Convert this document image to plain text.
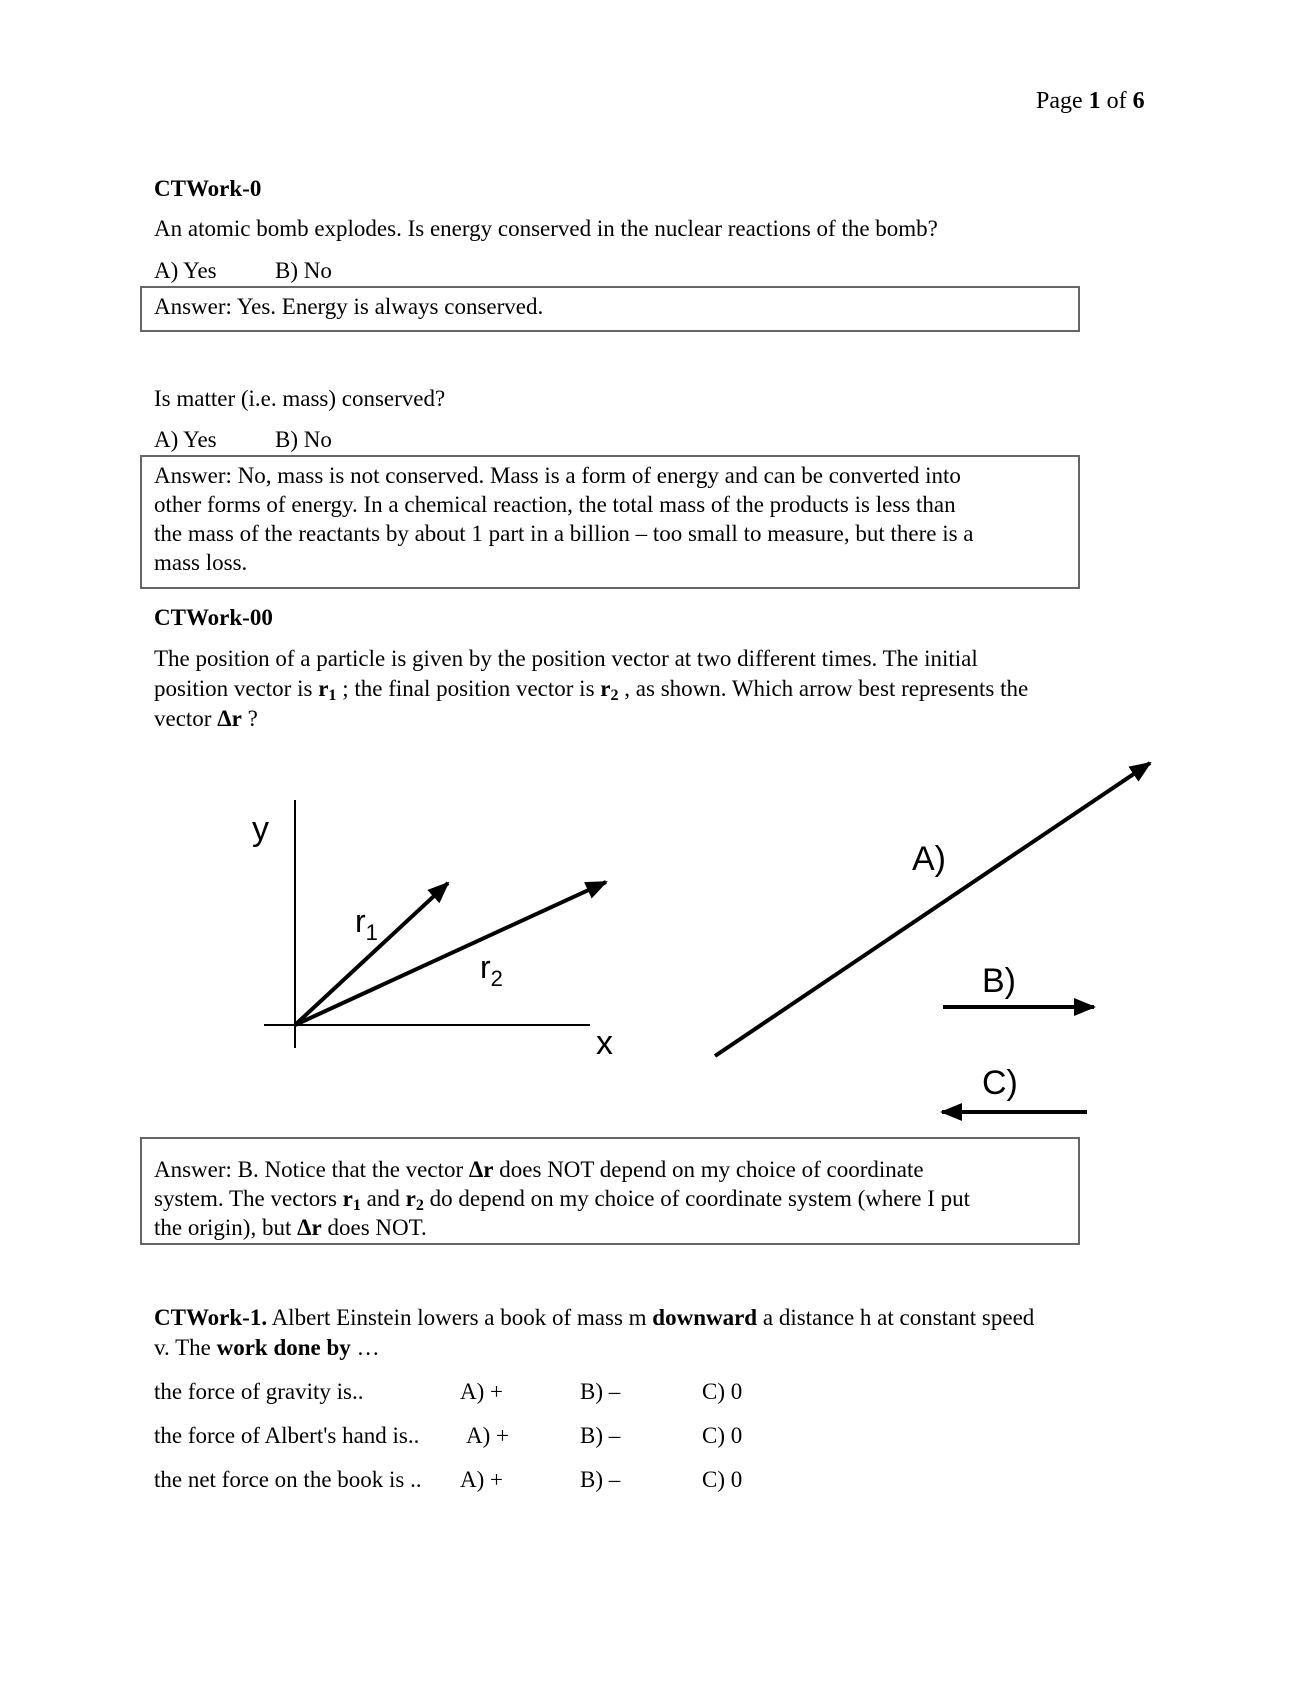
Page 1 of 6
CTWork-0
An atomic bomb explodes. Is energy conserved in the nuclear reactions of the bomb?
A) Yes	B) No

Answer: Yes. Energy is always conserved.

Is matter (i.e. mass) conserved?
A) Yes	B) No

Answer: No, mass is not conserved. Mass is a form of energy and can be converted into

other forms of energy. In a chemical reaction, the total mass of the products is less than

the mass of the reactants by about 1 part in a billion – too small to measure, but there is a

mass loss.

CTWork-00
The position of a particle is given by the position vector at two different times. The initial
position vector is $r_1$ ; the final position vector is $r_2$ , as shown. Which arrow best represents the
vector Δr ?
y
x
$r_1$
$r_2$
A)
B)
C)

Answer: B. Notice that the vector Δr does NOT depend on my choice of coordinate

system. The vectors $r_1$ and $r_2$ do depend on my choice of coordinate system (where I put

the origin), but Δr does NOT.

CTWork-1. Albert Einstein lowers a book of mass m downward a distance h at constant speed
v. The work done by …
the force of gravity is..	A) +	B) –	C) 0
the force of Albert's hand is.. A) +	B) –	C) 0
the net force on the book is .. A) +	B) –	C) 0
